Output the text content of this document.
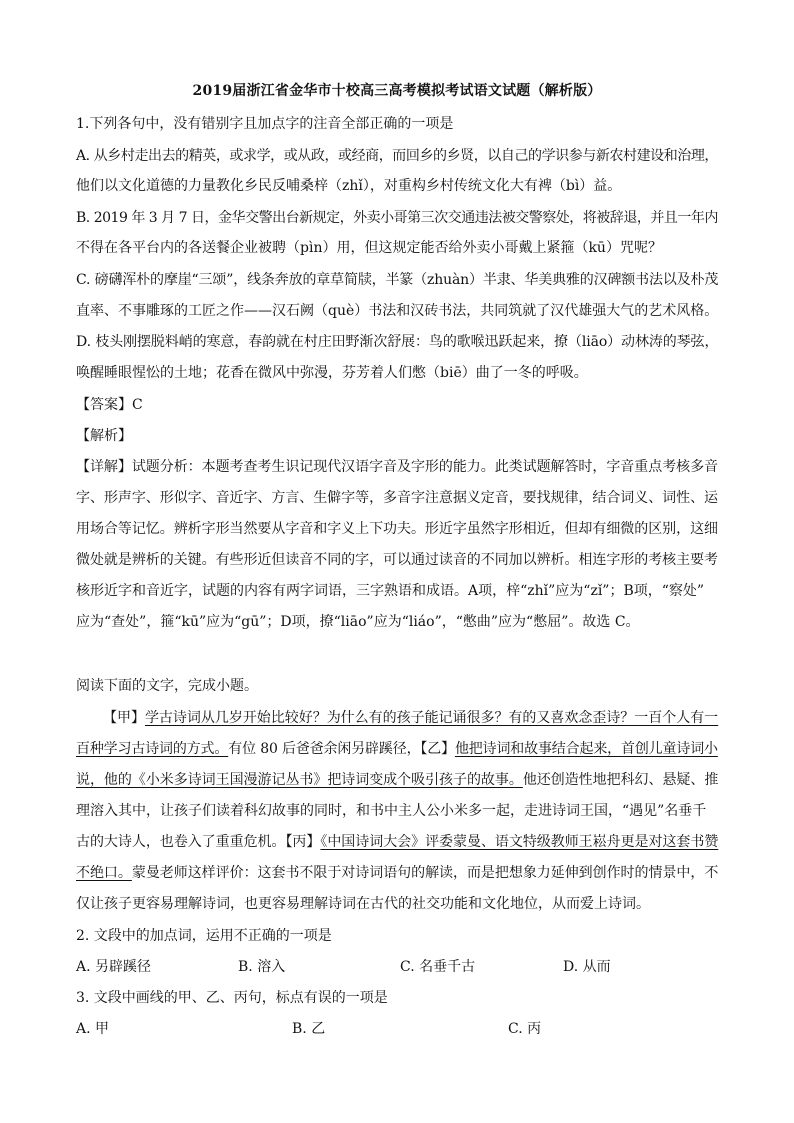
2019届浙江省金华市十校高三高考模拟考试语文试题（解析版）
1.下列各句中，没有错别字且加点字的注音全部正确的一项是
A. 从乡村走出去的精英，或求学，或从政，或经商，而回乡的乡贤，以自己的学识参与新农村建设和治理，
他们以文化道德的力量教化乡民反哺桑梓（zhǐ），对重构乡村传统文化大有裨（bì）益。
B. 2019 年 3 月 7 日，金华交警出台新规定，外卖小哥第三次交通违法被交警察处，将被辞退，并且一年内
不得在各平台内的各送餐企业被聘（pìn）用，但这规定能否给外卖小哥戴上紧箍（kū）咒呢？
C. 磅礴浑朴的摩崖“三颂”，线条奔放的章草简牍，半篆（zhuàn）半隶、华美典雅的汉碑额书法以及朴茂
直率、不事雕琢的工匠之作——汉石阙（què）书法和汉砖书法，共同筑就了汉代雄强大气的艺术风格。
D. 枝头刚摆脱料峭的寒意，春韵就在村庄田野渐次舒展：鸟的歌喉迅跃起来，撩（liāo）动林涛的琴弦，
唤醒睡眼惺忪的土地；花香在微风中弥漫，芬芳着人们憋（biē）曲了一冬的呼吸。
【答案】C
【解析】
【详解】试题分析：本题考查考生识记现代汉语字音及字形的能力。此类试题解答时，字音重点考核多音
字、形声字、形似字、音近字、方言、生僻字等，多音字注意据义定音，要找规律，结合词义、词性、运
用场合等记忆。辨析字形当然要从字音和字义上下功夫。形近字虽然字形相近，但却有细微的区别，这细
微处就是辨析的关键。有些形近但读音不同的字，可以通过读音的不同加以辨析。相连字形的考核主要考
核形近字和音近字，试题的内容有两字词语，三字熟语和成语。A项，梓“zhǐ”应为“zǐ”；B项，“察处”
应为“查处”，箍“kū”应为“gū”；D项，撩“liāo”应为“liáo”，“憋曲”应为“憋屈”。故选 C。
阅读下面的文字，完成小题。
【甲】学古诗词从几岁开始比较好？为什么有的孩子能记诵很多？有的又喜欢念歪诗？一百个人有一
百种学习古诗词的方式。有位 80 后爸爸余闲另辟蹊径，【乙】他把诗词和故事结合起来，首创儿童诗词小
说，他的《小米多诗词王国漫游记丛书》把诗词变成个吸引孩子的故事。他还创造性地把科幻、悬疑、推
理溶入其中，让孩子们读着科幻故事的同时，和书中主人公小米多一起，走进诗词王国，“遇见”名垂千
古的大诗人，也卷入了重重危机。【丙】《中国诗词大会》评委蒙曼、语文特级教师王崧舟更是对这套书赞
不绝口。蒙曼老师这样评价：这套书不限于对诗词语句的解读，而是把想象力延伸到创作时的情景中，不
仅让孩子更容易理解诗词，也更容易理解诗词在古代的社交功能和文化地位，从而爱上诗词。
2. 文段中的加点词，运用不正确的一项是
A. 另辟蹊径	B. 溶入	C. 名垂千古	D. 从而
3. 文段中画线的甲、乙、丙句，标点有误的一项是
A. 甲	B. 乙	C. 丙
